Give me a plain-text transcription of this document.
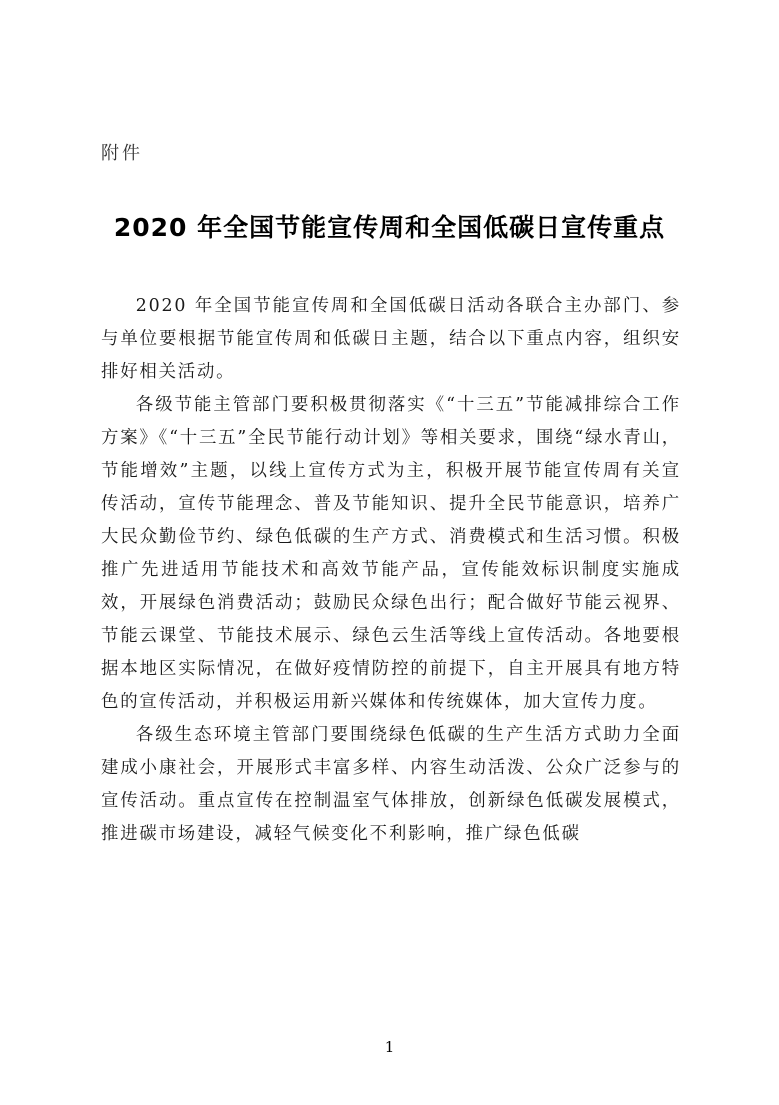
附件
2020 年全国节能宣传周和全国低碳日宣传重点

2020 年全国节能宣传周和全国低碳日活动各联合主办部门、参与单位要根据节能宣传周和低碳日主题，结合以下重点内容，组织安排好相关活动。

各级节能主管部门要积极贯彻落实《“十三五”节能减排综合工作方案》《“十三五”全民节能行动计划》等相关要求，围绕“绿水青山，节能增效”主题，以线上宣传方式为主，积极开展节能宣传周有关宣传活动，宣传节能理念、普及节能知识、提升全民节能意识，培养广大民众勤俭节约、绿色低碳的生产方式、消费模式和生活习惯。积极推广先进适用节能技术和高效节能产品，宣传能效标识制度实施成效，开展绿色消费活动；鼓励民众绿色出行；配合做好节能云视界、节能云课堂、节能技术展示、绿色云生活等线上宣传活动。各地要根据本地区实际情况，在做好疫情防控的前提下，自主开展具有地方特色的宣传活动，并积极运用新兴媒体和传统媒体，加大宣传力度。

各级生态环境主管部门要围绕绿色低碳的生产生活方式助力全面建成小康社会，开展形式丰富多样、内容生动活泼、公众广泛参与的宣传活动。重点宣传在控制温室气体排放，创新绿色低碳发展模式，推进碳市场建设，减轻气候变化不利影响，推广绿色低碳

1
